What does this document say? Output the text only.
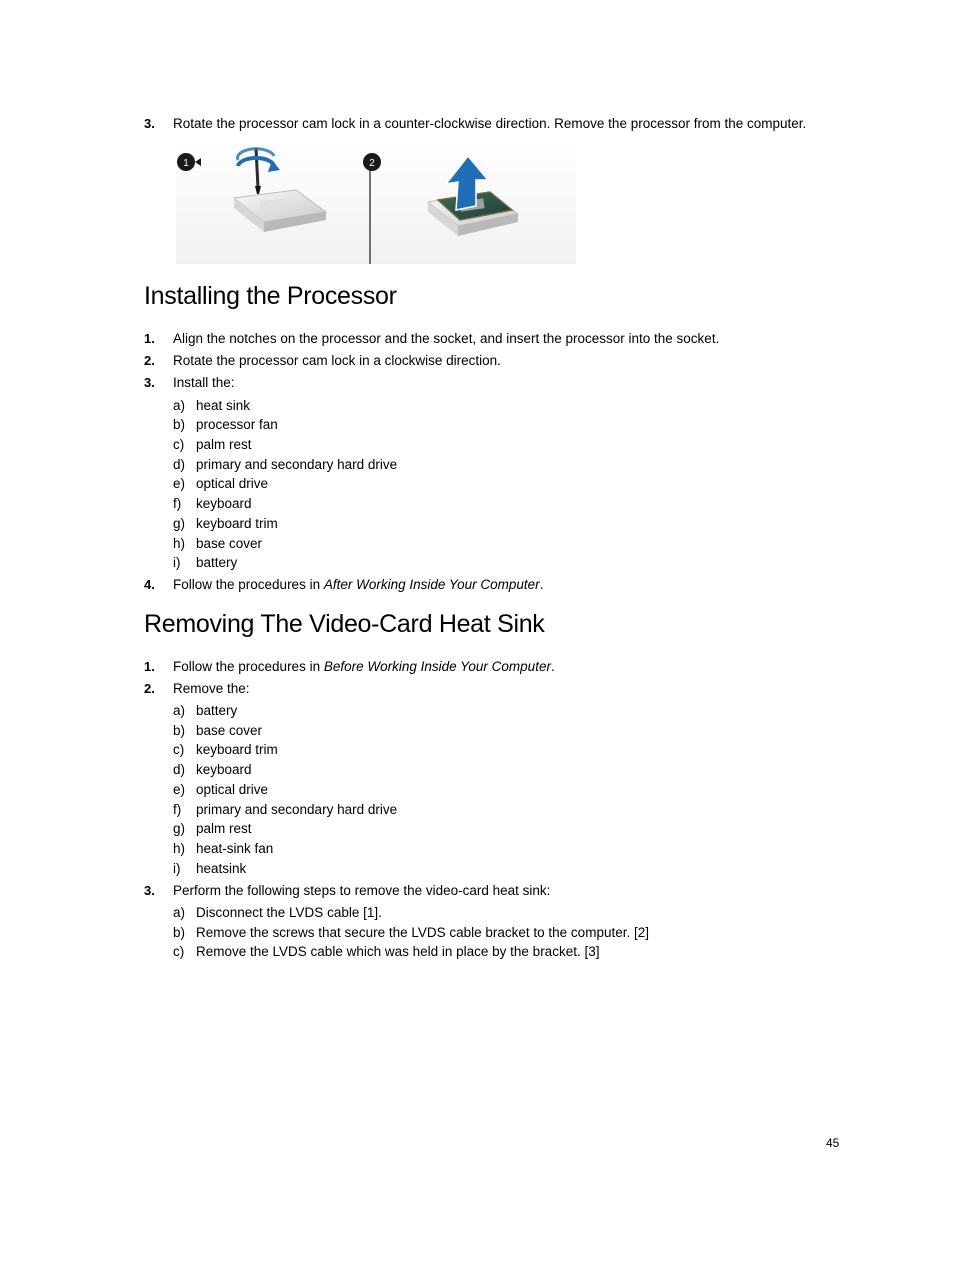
3. Rotate the processor cam lock in a counter-clockwise direction. Remove the processor from the computer.
1	2
Installing the Processor
1. Align the notches on the processor and the socket, and insert the processor into the socket.
2. Rotate the processor cam lock in a clockwise direction.
3. Install the:
a) heat sink
b) processor fan
c) palm rest
d) primary and secondary hard drive
e) optical drive
f) keyboard
g) keyboard trim
h) base cover
i) battery
4. Follow the procedures in After Working Inside Your Computer.
Removing The Video-Card Heat Sink
1. Follow the procedures in Before Working Inside Your Computer.
2. Remove the:
a) battery
b) base cover
c) keyboard trim
d) keyboard
e) optical drive
f) primary and secondary hard drive
g) palm rest
h) heat-sink fan
i) heatsink
3. Perform the following steps to remove the video-card heat sink:
a) Disconnect the LVDS cable [1].
b) Remove the screws that secure the LVDS cable bracket to the computer. [2]
c) Remove the LVDS cable which was held in place by the bracket. [3]
45
